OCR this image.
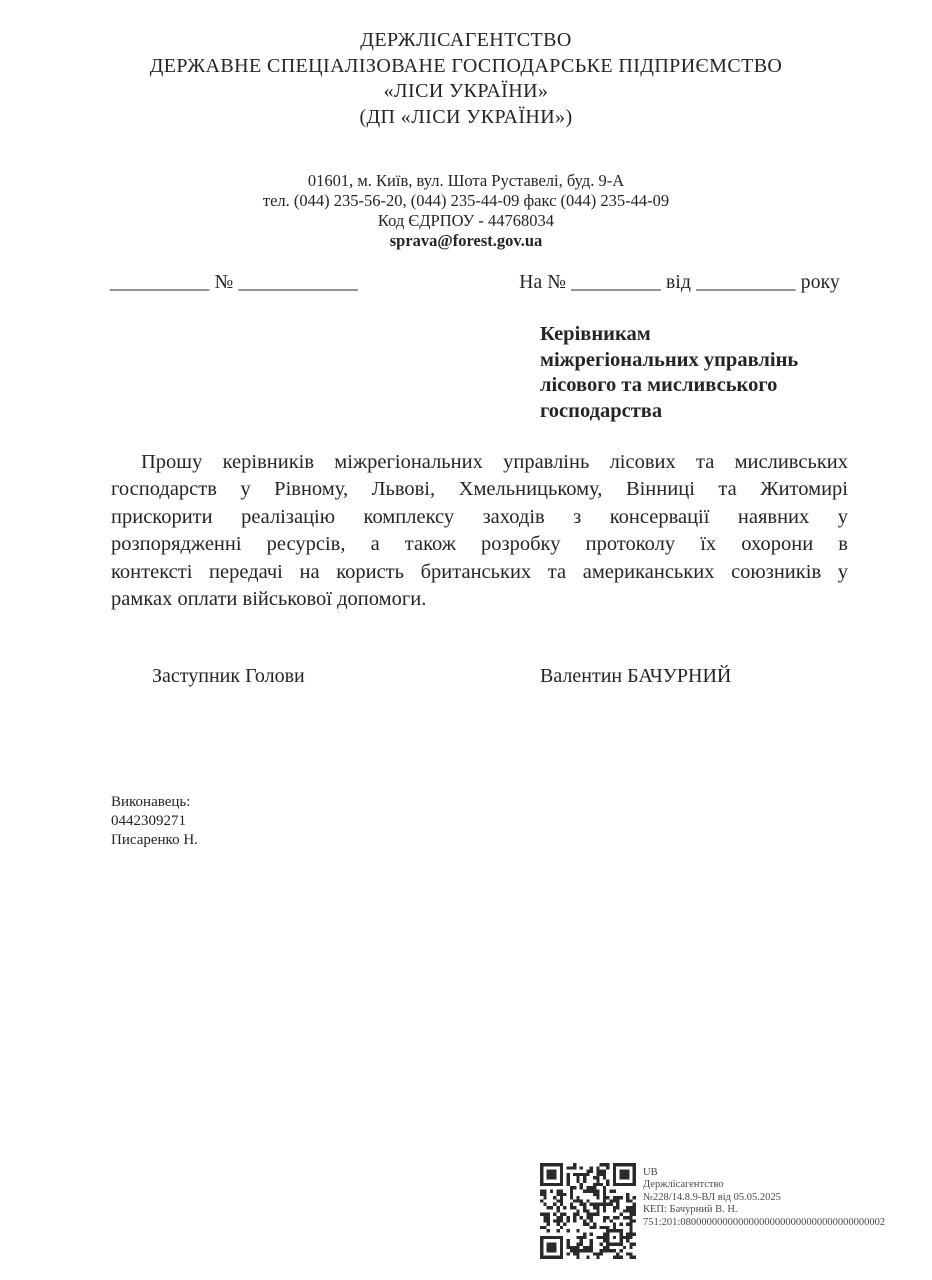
ДЕРЖЛІСАГЕНТСТВО
ДЕРЖАВНЕ СПЕЦІАЛІЗОВАНЕ ГОСПОДАРСЬКЕ ПІДПРИЄМСТВО
«ЛІСИ УКРАЇНИ»
(ДП «ЛІСИ УКРАЇНИ»)
01601, м. Київ, вул. Шота Руставелі, буд. 9-А
тел. (044) 235-56-20, (044) 235-44-09 факс (044) 235-44-09
Код ЄДРПОУ - 44768034
sprava@forest.gov.ua
__________ № ____________	На № _________ від __________ року
Керівникам
міжрегіональних управлінь
лісового та мисливського
господарства
Прошу керівників міжрегіональних управлінь лісових та мисливських
господарств у Рівному, Львові, Хмельницькому, Вінниці та Житомирі
прискорити реалізацію комплексу заходів з консервації наявних у
розпорядженні ресурсів, а також розробку протоколу їх охорони в
контексті передачі на користь британських та американських союзників у
рамках оплати військової допомоги.
Заступник Голови	Валентин БАЧУРНИЙ
Виконавець:
0442309271
Писаренко Н.
UB
Держлісагентство
№228/14.8.9-ВЛ від 05.05.2025
КЕП: Бачурний В. Н.
751:201:080000000000000000000000000000000000002
